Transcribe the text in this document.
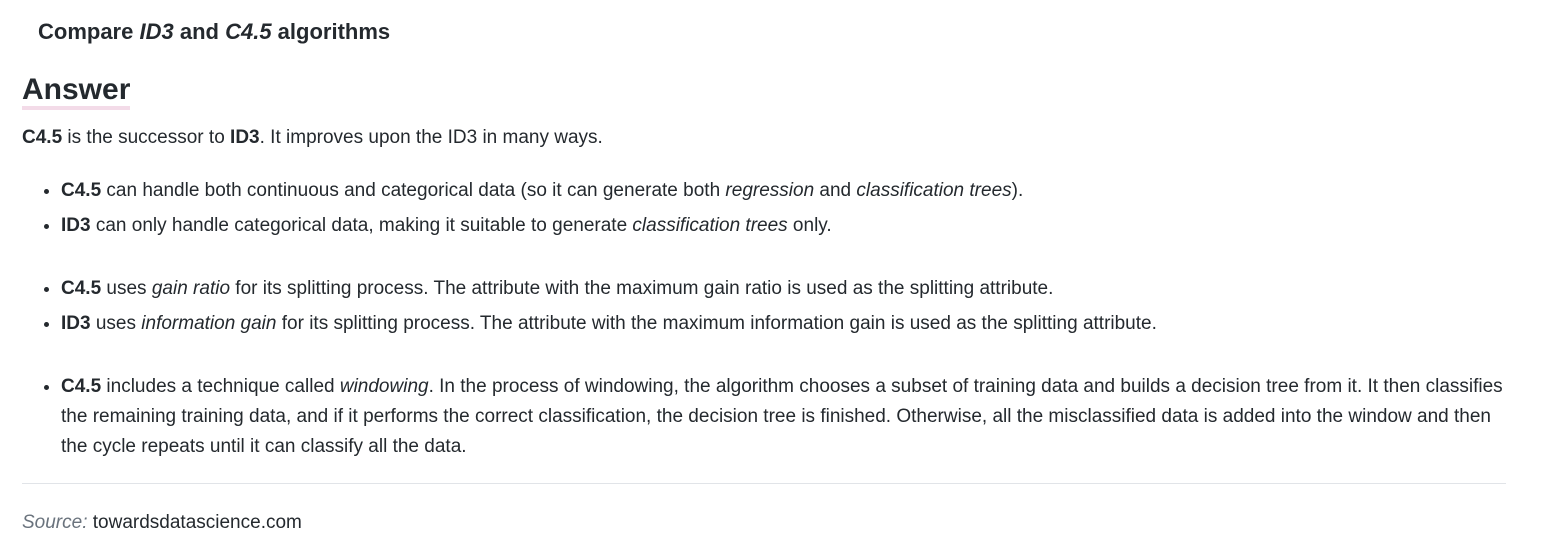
Compare ID3 and C4.5 algorithms
Answer

C4.5 is the successor to ID3. It improves upon the ID3 in many ways.

• C4.5 can handle both continuous and categorical data (so it can generate both regression and classification trees).
• ID3 can only handle categorical data, making it suitable to generate classification trees only.
• C4.5 uses gain ratio for its splitting process. The attribute with the maximum gain ratio is used as the splitting attribute.
• ID3 uses information gain for its splitting process. The attribute with the maximum information gain is used as the splitting attribute.
• C4.5 includes a technique called windowing. In the process of windowing, the algorithm chooses a subset of training data and builds a decision tree from it. It then classifies the remaining training data, and if it performs the correct classification, the decision tree is finished. Otherwise, all the misclassified data is added into the window and then the cycle repeats until it can classify all the data.
Source: towardsdatascience.com
